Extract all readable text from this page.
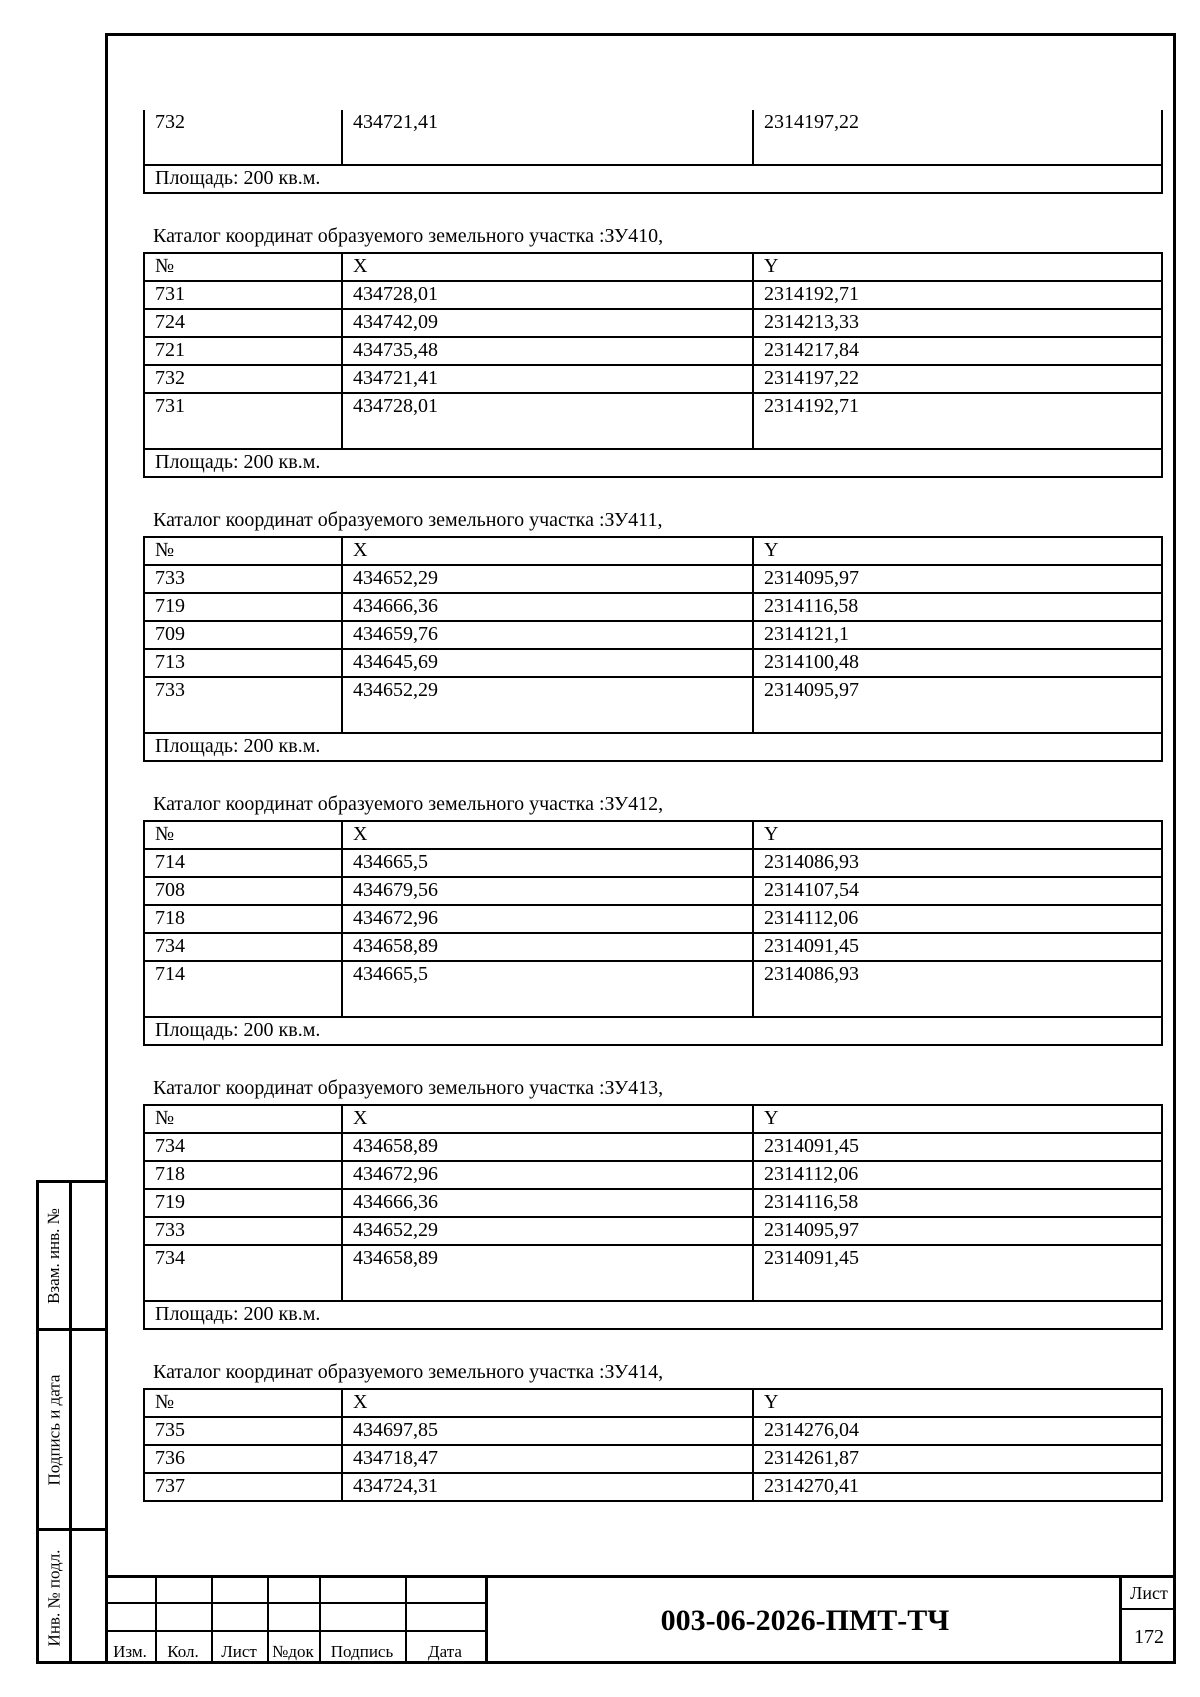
Взам. инв. №
Подпись и дата
Инв. № подл.
732	434721,41	2314197,22
Площадь: 200 кв.м.
Каталог координат образуемого земельного участка :ЗУ410,
№	X	Y
731	434728,01	2314192,71
724	434742,09	2314213,33
721	434735,48	2314217,84
732	434721,41	2314197,22
731	434728,01	2314192,71
Площадь: 200 кв.м.		
Каталог координат образуемого земельного участка :ЗУ411,
№	X	Y
733	434652,29	2314095,97
719	434666,36	2314116,58
709	434659,76	2314121,1
713	434645,69	2314100,48
733	434652,29	2314095,97
Площадь: 200 кв.м.		
Каталог координат образуемого земельного участка :ЗУ412,
№	X	Y
714	434665,5	2314086,93
708	434679,56	2314107,54
718	434672,96	2314112,06
734	434658,89	2314091,45
714	434665,5	2314086,93
Площадь: 200 кв.м.		
Каталог координат образуемого земельного участка :ЗУ413,
№	X	Y
734	434658,89	2314091,45
718	434672,96	2314112,06
719	434666,36	2314116,58
733	434652,29	2314095,97
734	434658,89	2314091,45
Площадь: 200 кв.м.		
Каталог координат образуемого земельного участка :ЗУ414,
№	X	Y
735	434697,85	2314276,04
736	434718,47	2314261,87
737	434724,31	2314270,41
Изм.	Кол.	Лист №док Подпись	Дата
003-06-2026-ПМТ-ТЧ
Лист
172
